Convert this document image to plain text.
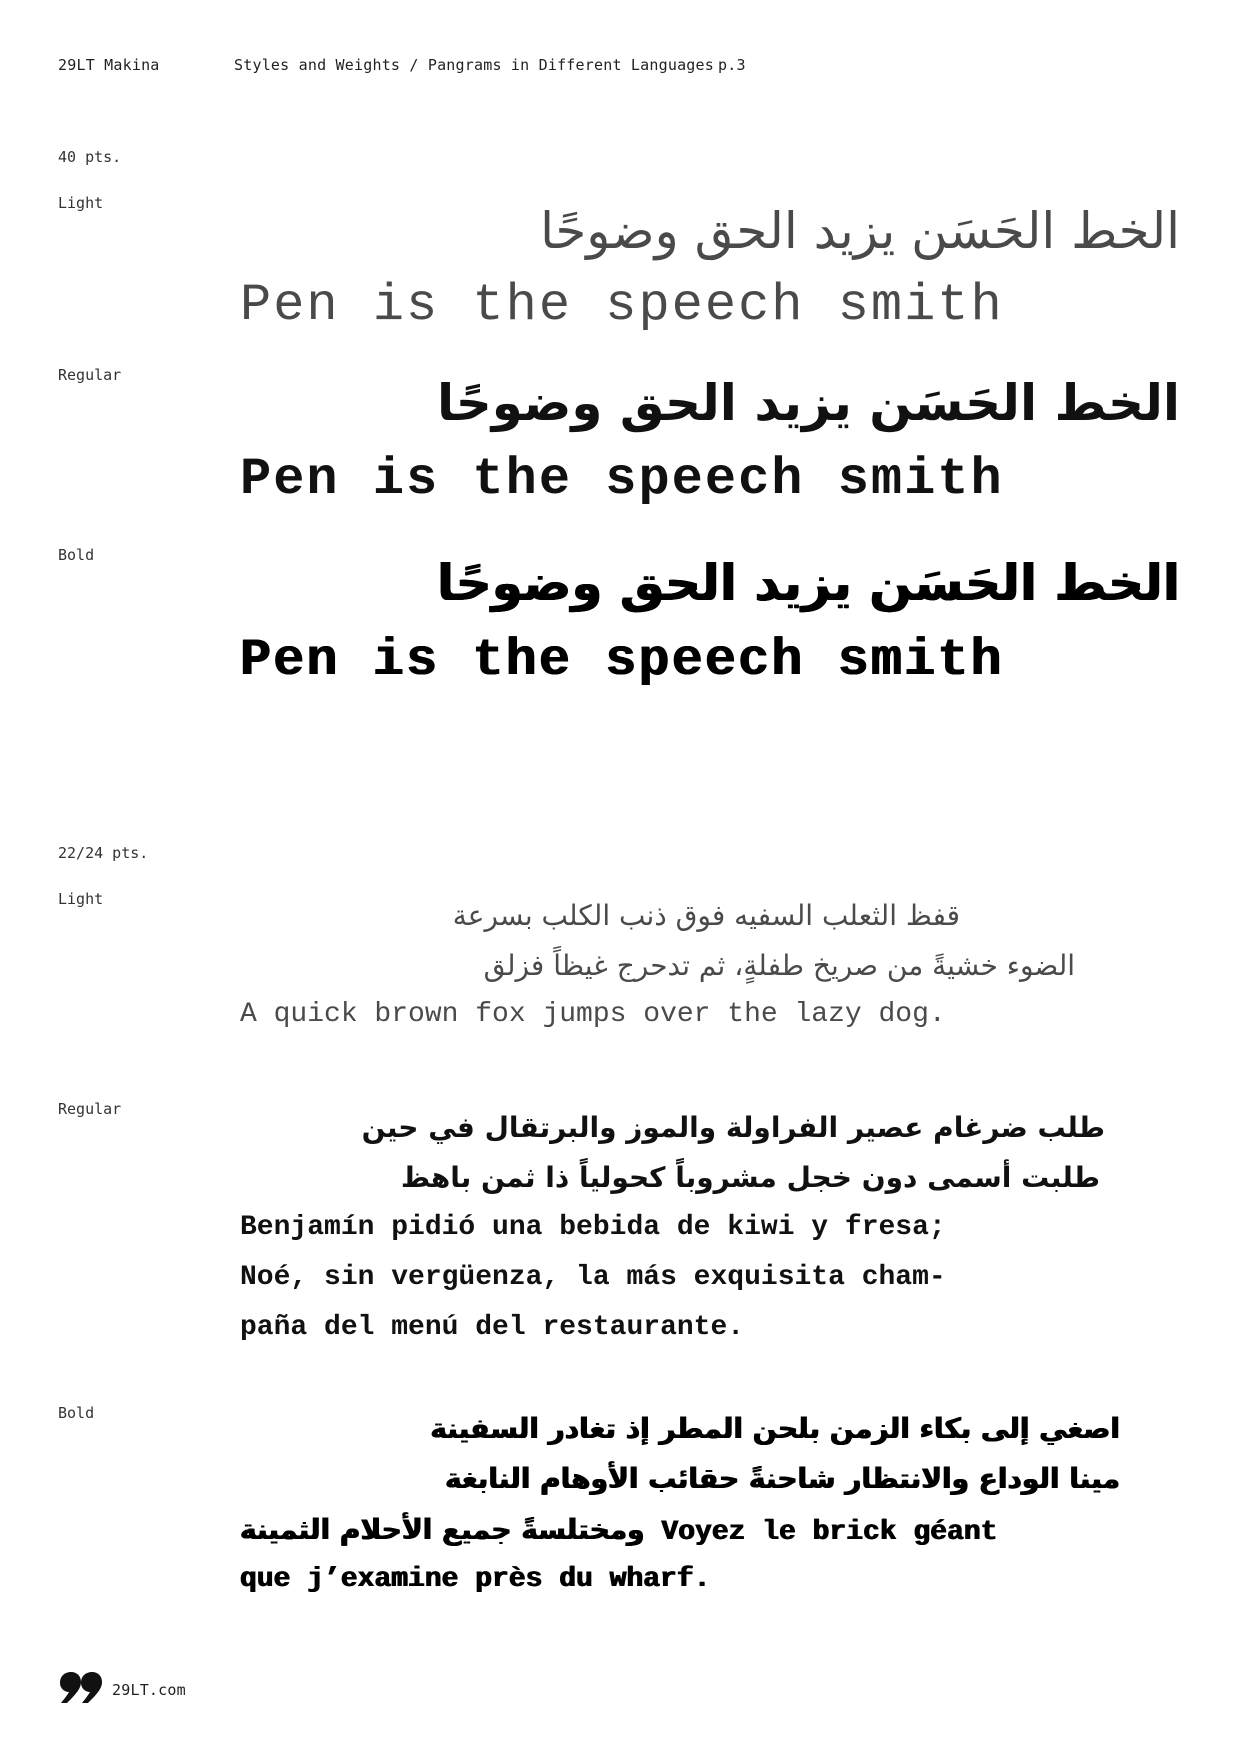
29LT Makina	Styles and Weights / Pangrams in Different Languages p.3
40 pts.
Light	الخط الحَسَن يزيد الحق وضوحًا
Pen is the speech smith
Regular	الخط الحَسَن يزيد الحق وضوحًا
Pen is the speech smith
Bold	الخط الحَسَن يزيد الحق وضوحًا
Pen is the speech smith
22/24 pts.
Light	قفظ الثعلب السفيه فوق ذنب الكلب بسرعة
الضوء خشيةً من صريخ طفلةٍ، ثم تدحرج غيظاً فزلق
A quick brown fox jumps over the lazy dog.
Regular
طلب ضرغام عصير الفراولة والموز والبرتقال في حين
طلبت أسمى دون خجل مشروباً كحولياً ذا ثمن باهظ
Benjamín pidió una bebida de kiwi y fresa;
Noé, sin vergüenza, la más exquisita cham-
paña del menú del restaurante.
Bold	اصغي إلى بكاء الزمن بلحن المطر إذ تغادر السفينة
مينا الوداع والانتظار شاحنةً حقائب الأوهام النابغة
ومختلسةً جميع الأحلام الثمينة Voyez le brick géant
que j’examine près du wharf.
29LT.com
